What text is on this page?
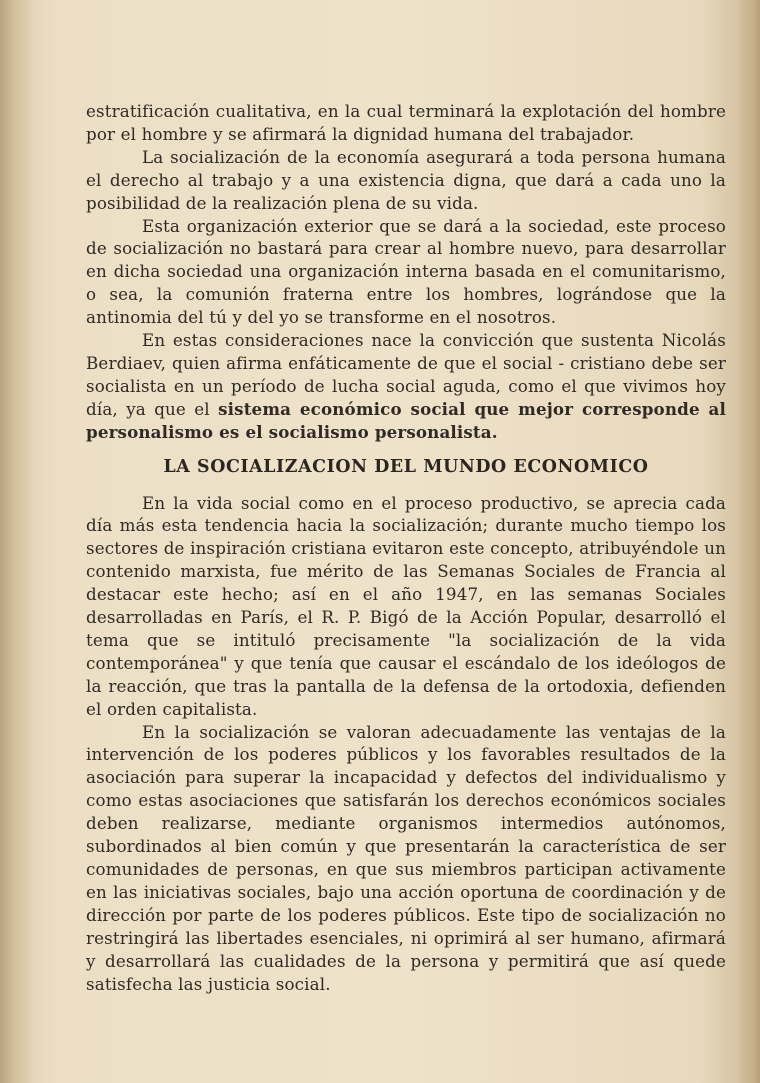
estratificación cualitativa, en la cual terminará la explotación del hombre por el hombre y se afirmará la dignidad humana del trabajador.

La socialización de la economía asegurará a toda persona humana el derecho al trabajo y a una existencia digna, que dará a cada uno la posibilidad de la realización plena de su vida.

Esta organización exterior que se dará a la sociedad, este proceso de socialización no bastará para crear al hombre nuevo, para desarrollar en dicha sociedad una organización interna basada en el comunitarismo, o sea, la comunión fraterna entre los hombres, lográndose que la antinomia del tú y del yo se transforme en el nosotros.

En estas consideraciones nace la convicción que sustenta Nicolás Berdiaev, quien afirma enfáticamente de que el social - cristiano debe ser socialista en un período de lucha social aguda, como el que vivimos hoy día, ya que el sistema económico social que mejor corresponde al personalismo es el socialismo personalista.

LA SOCIALIZACION DEL MUNDO ECONOMICO

En la vida social como en el proceso productivo, se aprecia cada día más esta tendencia hacia la socialización; durante mucho tiempo los sectores de inspiración cristiana evitaron este concepto, atribuyéndole un contenido marxista, fue mérito de las Semanas Sociales de Francia al destacar este hecho; así en el año 1947, en las semanas Sociales desarrolladas en París, el R. P. Bigó de la Acción Popular, desarrolló el tema que se intituló precisamente "la socialización de la vida contemporánea" y que tenía que causar el escándalo de los ideólogos de la reacción, que tras la pantalla de la defensa de la ortodoxia, defienden el orden capitalista.

En la socialización se valoran adecuadamente las ventajas de la intervención de los poderes públicos y los favorables resultados de la asociación para superar la incapacidad y defectos del individualismo y como estas asociaciones que satisfarán los derechos económicos sociales deben realizarse, mediante organismos intermedios autónomos, subordinados al bien común y que presentarán la característica de ser comunidades de personas, en que sus miembros participan activamente en las iniciativas sociales, bajo una acción oportuna de coordinación y de dirección por parte de los poderes públicos. Este tipo de socialización no restringirá las libertades esenciales, ni oprimirá al ser humano, afirmará y desarrollará las cualidades de la persona y permitirá que así quede satisfecha las justicia social.
